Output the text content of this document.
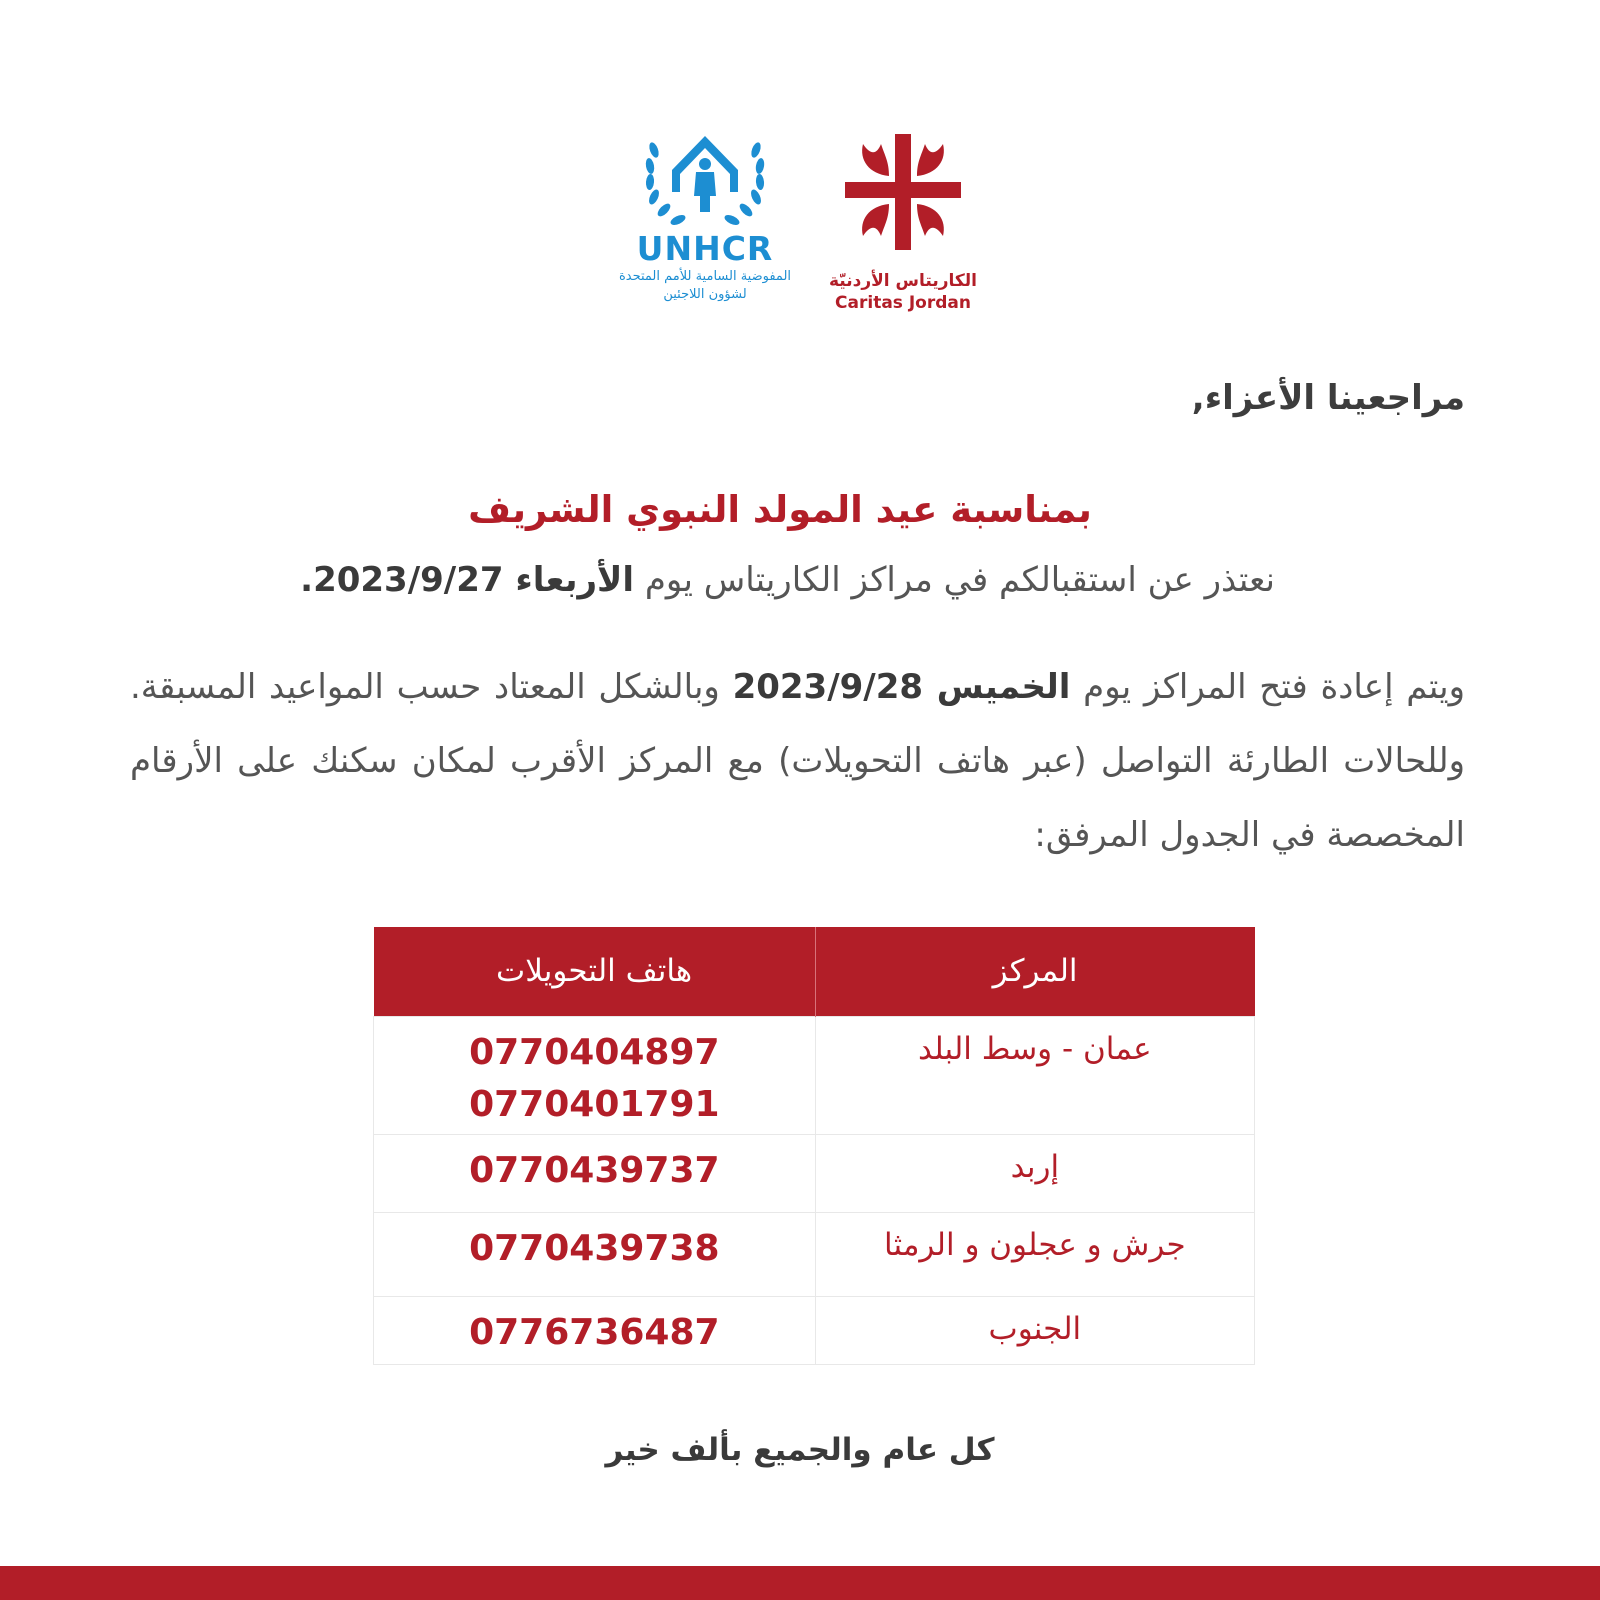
UNHCR
المفوضية السامية للأمم المتحدة
لشؤون اللاجئين
الكاريتاس الأردنيّة
Caritas Jordan
مراجعينا الأعزاء,
بمناسبة عيد المولد النبوي الشريف
نعتذر عن استقبالكم في مراكز الكاريتاس يوم الأربعاء 2023/9/27.
ويتم إعادة فتح المراكز يوم الخميس 2023/9/28 وبالشكل المعتاد حسب المواعيد المسبقة. وللحالات الطارئة التواصل (عبر هاتف التحويلات) مع المركز الأقرب لمكان سكنك على الأرقام المخصصة في الجدول المرفق:
المركز	هاتف التحويلات
عمان - وسط البلد	0770404897
0770401791

إربد	0770439737

جرش و عجلون و الرمثا	0770439738

الجنوب	0776736487
كل عام والجميع بألف خير
